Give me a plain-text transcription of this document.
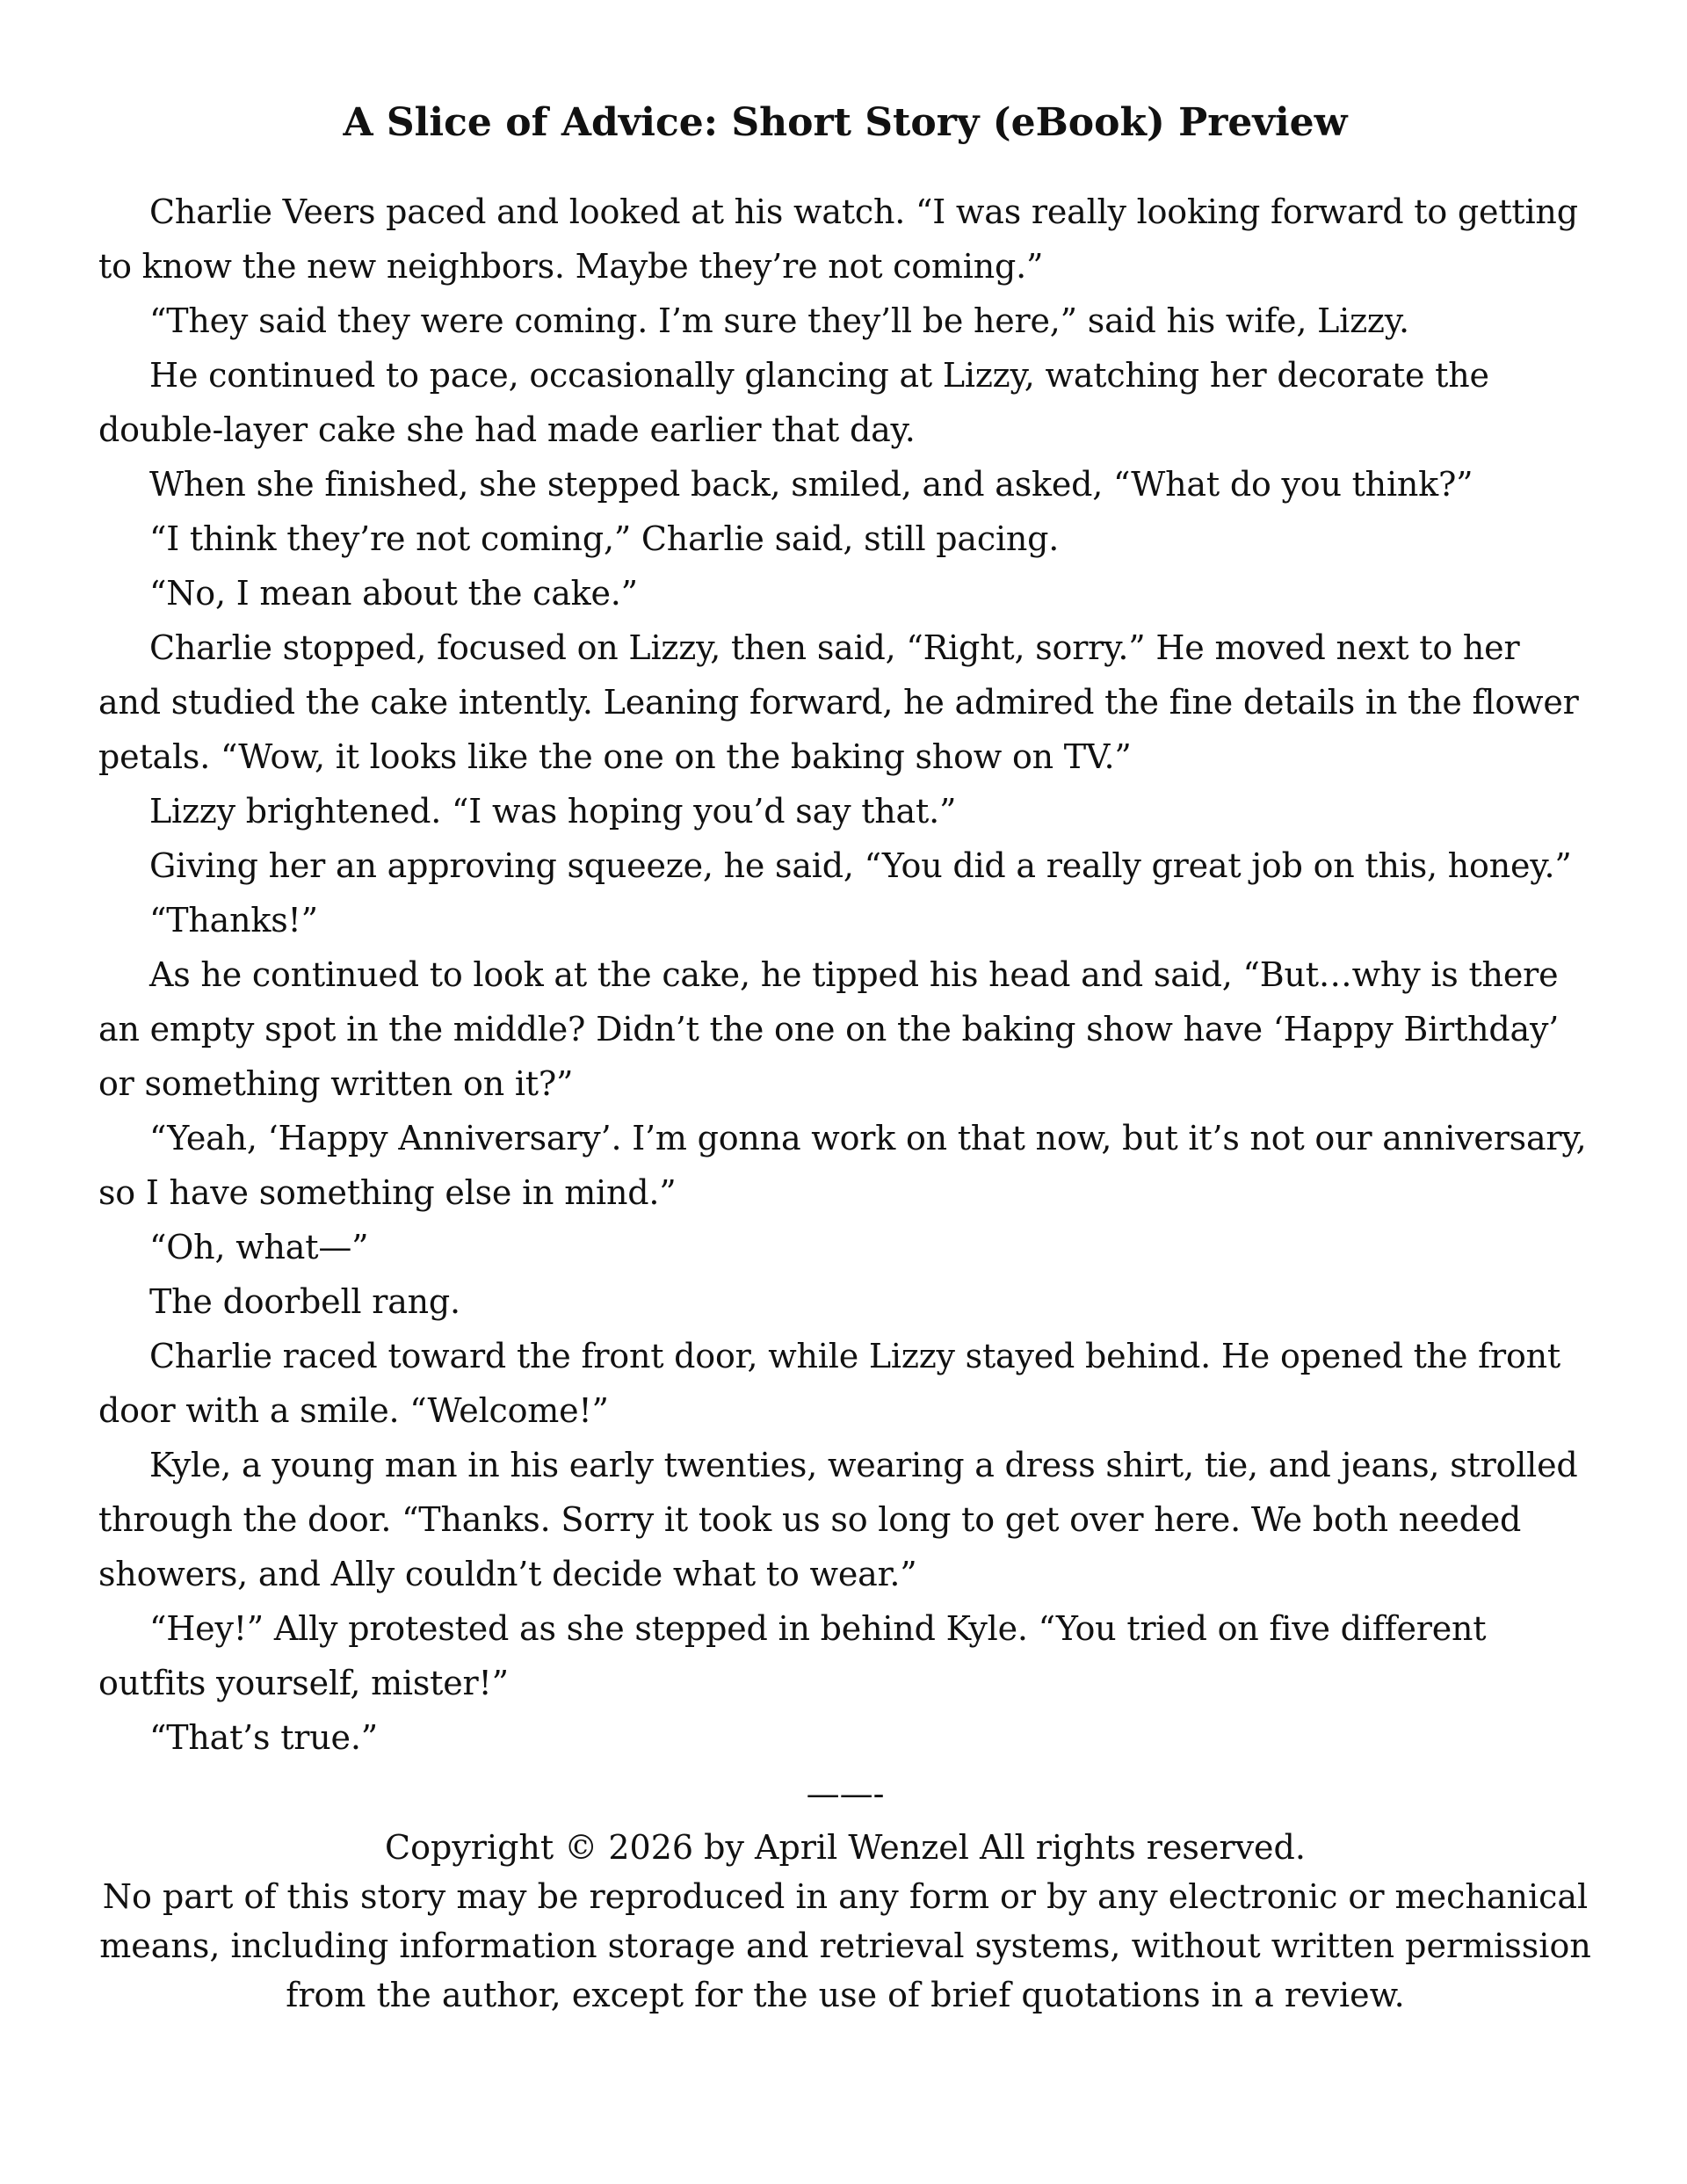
A Slice of Advice: Short Story (eBook) Preview

Charlie Veers paced and looked at his watch. “I was really looking forward to getting to know the new neighbors. Maybe they’re not coming.”

“They said they were coming. I’m sure they’ll be here,” said his wife, Lizzy.

He continued to pace, occasionally glancing at Lizzy, watching her decorate the double-layer cake she had made earlier that day.

When she finished, she stepped back, smiled, and asked, “What do you think?”

“I think they’re not coming,” Charlie said, still pacing.

“No, I mean about the cake.”

Charlie stopped, focused on Lizzy, then said, “Right, sorry.” He moved next to her and studied the cake intently. Leaning forward, he admired the fine details in the flower petals. “Wow, it looks like the one on the baking show on TV.”

Lizzy brightened. “I was hoping you’d say that.”

Giving her an approving squeeze, he said, “You did a really great job on this, honey.”

“Thanks!”

As he continued to look at the cake, he tipped his head and said, “But…why is there an empty spot in the middle? Didn’t the one on the baking show have ‘Happy Birthday’ or something written on it?”

“Yeah, ‘Happy Anniversary’. I’m gonna work on that now, but it’s not our anniversary, so I have something else in mind.”

“Oh, what—”

The doorbell rang.

Charlie raced toward the front door, while Lizzy stayed behind. He opened the front door with a smile. “Welcome!”

Kyle, a young man in his early twenties, wearing a dress shirt, tie, and jeans, strolled through the door. “Thanks. Sorry it took us so long to get over here. We both needed showers, and Ally couldn’t decide what to wear.”

“Hey!” Ally protested as she stepped in behind Kyle. “You tried on five different outfits yourself, mister!”

“That’s true.”

——-

Copyright © 2026 by April Wenzel All rights reserved.

No part of this story may be reproduced in any form or by any electronic or mechanical means, including information storage and retrieval systems, without written permission from the author, except for the use of brief quotations in a review.
